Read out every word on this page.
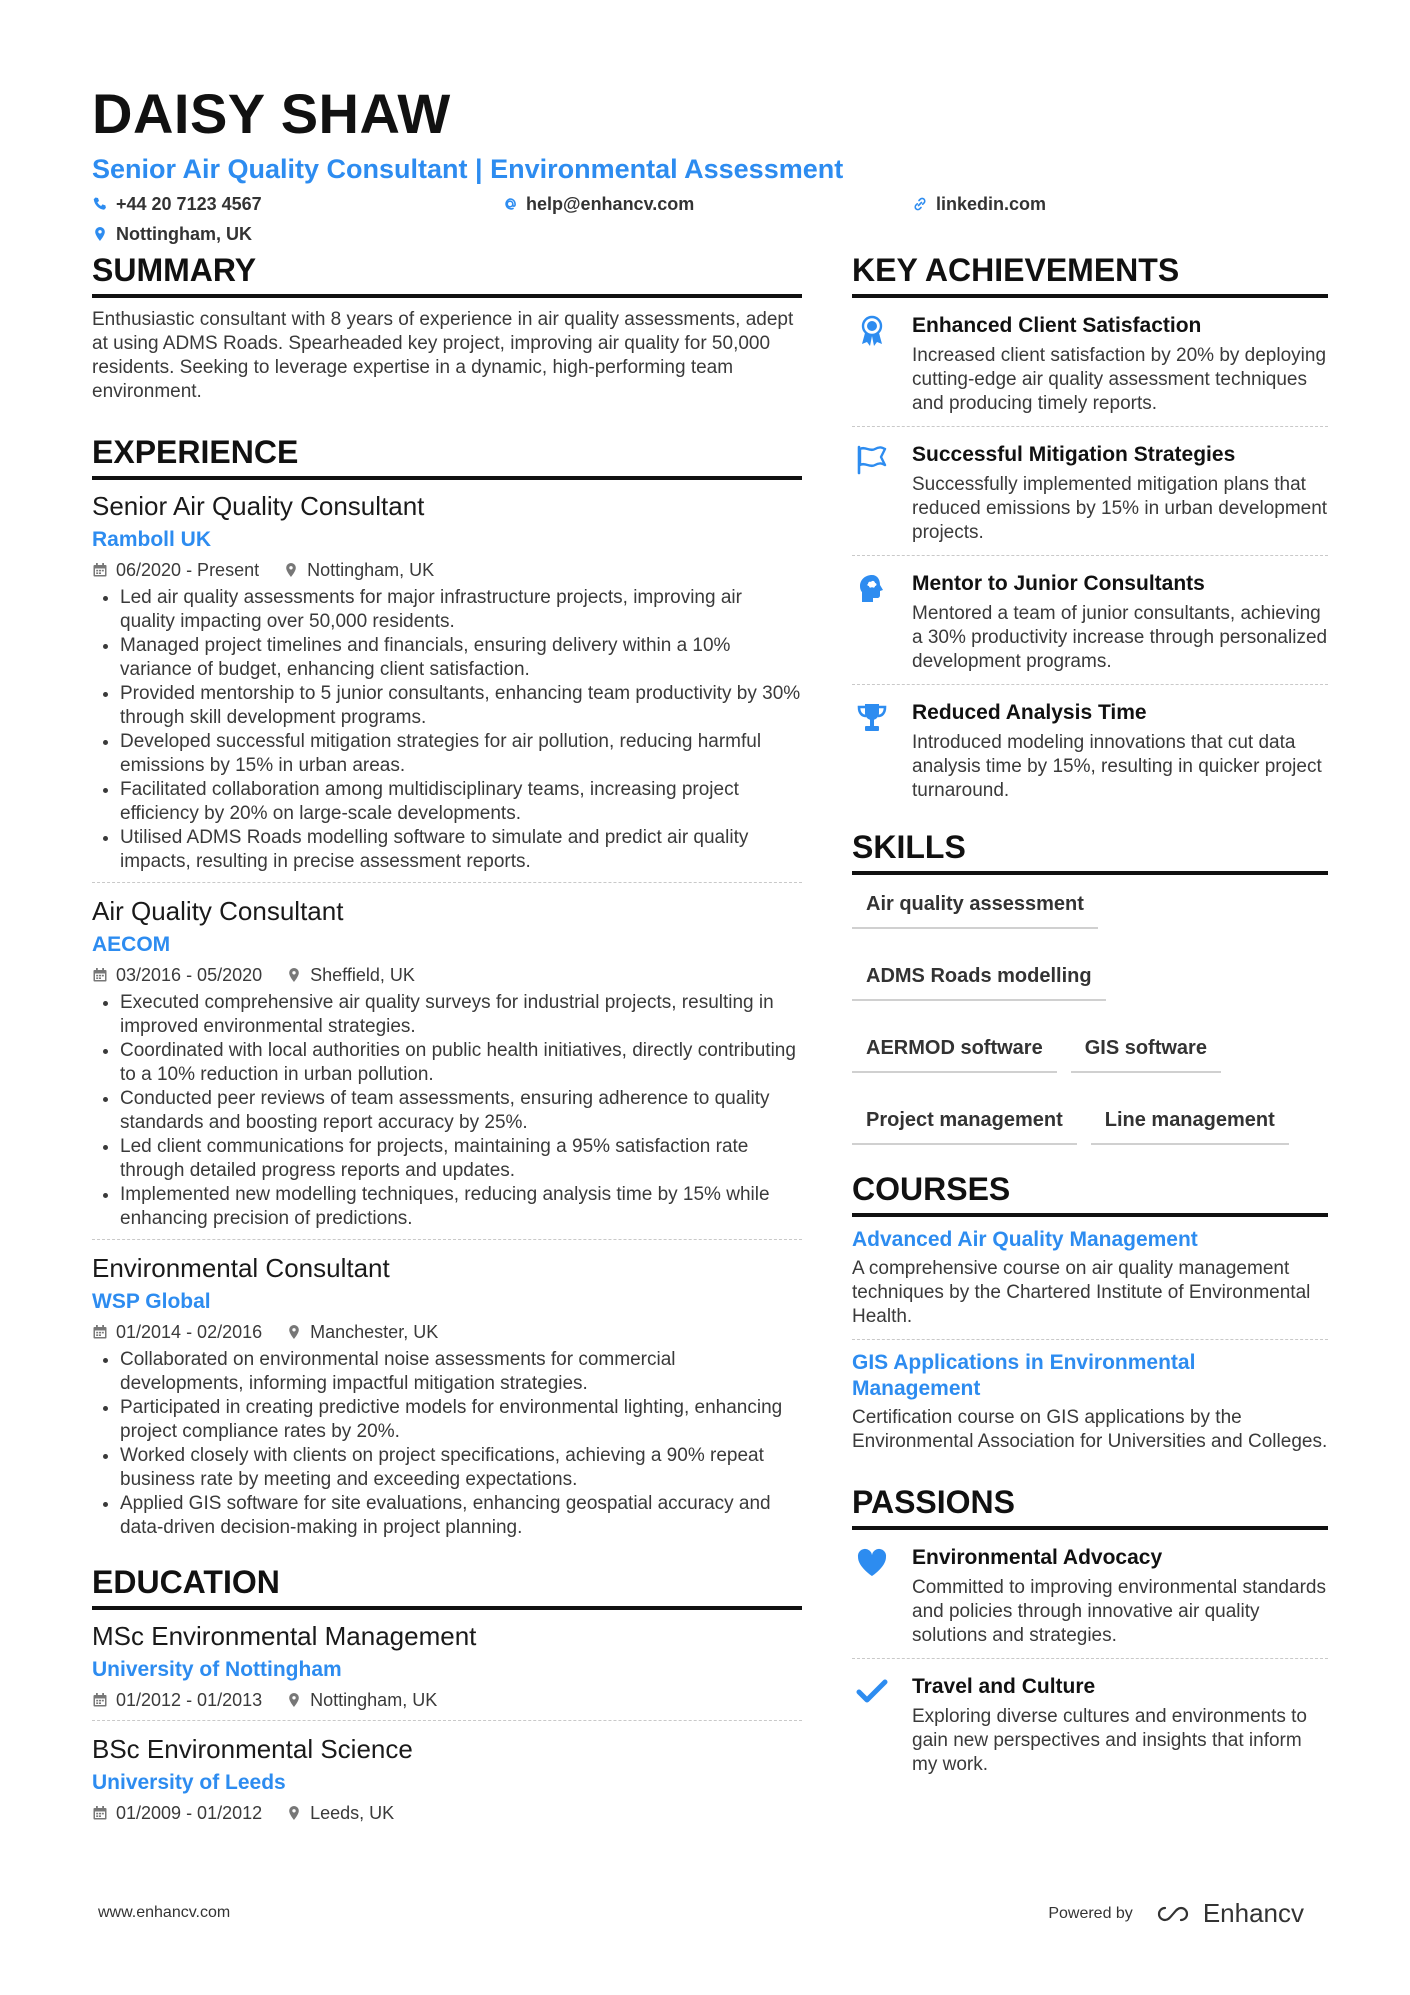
DAISY SHAW
Senior Air Quality Consultant | Environmental Assessment
+44 20 7123 4567	help@enhancv.com	linkedin.com
Nottingham, UK
SUMMARY
Enthusiastic consultant with 8 years of experience in air quality assessments, adept at using ADMS Roads. Spearheaded key project, improving air quality for 50,000 residents. Seeking to leverage expertise in a dynamic, high-performing team environment.
EXPERIENCE
Senior Air Quality Consultant
Ramboll UK
06/2020 - Present	Nottingham, UK
• Led air quality assessments for major infrastructure projects, improving air quality impacting over 50,000 residents.
• Managed project timelines and financials, ensuring delivery within a 10% variance of budget, enhancing client satisfaction.
• Provided mentorship to 5 junior consultants, enhancing team productivity by 30% through skill development programs.
• Developed successful mitigation strategies for air pollution, reducing harmful emissions by 15% in urban areas.
• Facilitated collaboration among multidisciplinary teams, increasing project efficiency by 20% on large-scale developments.
• Utilised ADMS Roads modelling software to simulate and predict air quality impacts, resulting in precise assessment reports.
Air Quality Consultant
AECOM
03/2016 - 05/2020	Sheffield, UK
• Executed comprehensive air quality surveys for industrial projects, resulting in improved environmental strategies.
• Coordinated with local authorities on public health initiatives, directly contributing to a 10% reduction in urban pollution.
• Conducted peer reviews of team assessments, ensuring adherence to quality standards and boosting report accuracy by 25%.
• Led client communications for projects, maintaining a 95% satisfaction rate through detailed progress reports and updates.
• Implemented new modelling techniques, reducing analysis time by 15% while enhancing precision of predictions.
Environmental Consultant
WSP Global
01/2014 - 02/2016	Manchester, UK
• Collaborated on environmental noise assessments for commercial developments, informing impactful mitigation strategies.
• Participated in creating predictive models for environmental lighting, enhancing project compliance rates by 20%.
• Worked closely with clients on project specifications, achieving a 90% repeat business rate by meeting and exceeding expectations.
• Applied GIS software for site evaluations, enhancing geospatial accuracy and data-driven decision-making in project planning.
EDUCATION
MSc Environmental Management
University of Nottingham
01/2012 - 01/2013	Nottingham, UK
BSc Environmental Science
University of Leeds
01/2009 - 01/2012	Leeds, UK
KEY ACHIEVEMENTS
Enhanced Client Satisfaction
Increased client satisfaction by 20% by deploying cutting-edge air quality assessment techniques and producing timely reports.
Successful Mitigation Strategies
Successfully implemented mitigation plans that reduced emissions by 15% in urban development projects.
Mentor to Junior Consultants
Mentored a team of junior consultants, achieving a 30% productivity increase through personalized development programs.
Reduced Analysis Time
Introduced modeling innovations that cut data analysis time by 15%, resulting in quicker project turnaround.
SKILLS
Air quality assessment
ADMS Roads modelling
AERMOD software	GIS software
Project management	Line management
COURSES
Advanced Air Quality Management
A comprehensive course on air quality management techniques by the Chartered Institute of Environmental Health.
GIS Applications in Environmental Management
Certification course on GIS applications by the Environmental Association for Universities and Colleges.
PASSIONS
Environmental Advocacy
Committed to improving environmental standards and policies through innovative air quality solutions and strategies.
Travel and Culture
Exploring diverse cultures and environments to gain new perspectives and insights that inform my work.
www.enhancv.com	Powered by	Enhancv
